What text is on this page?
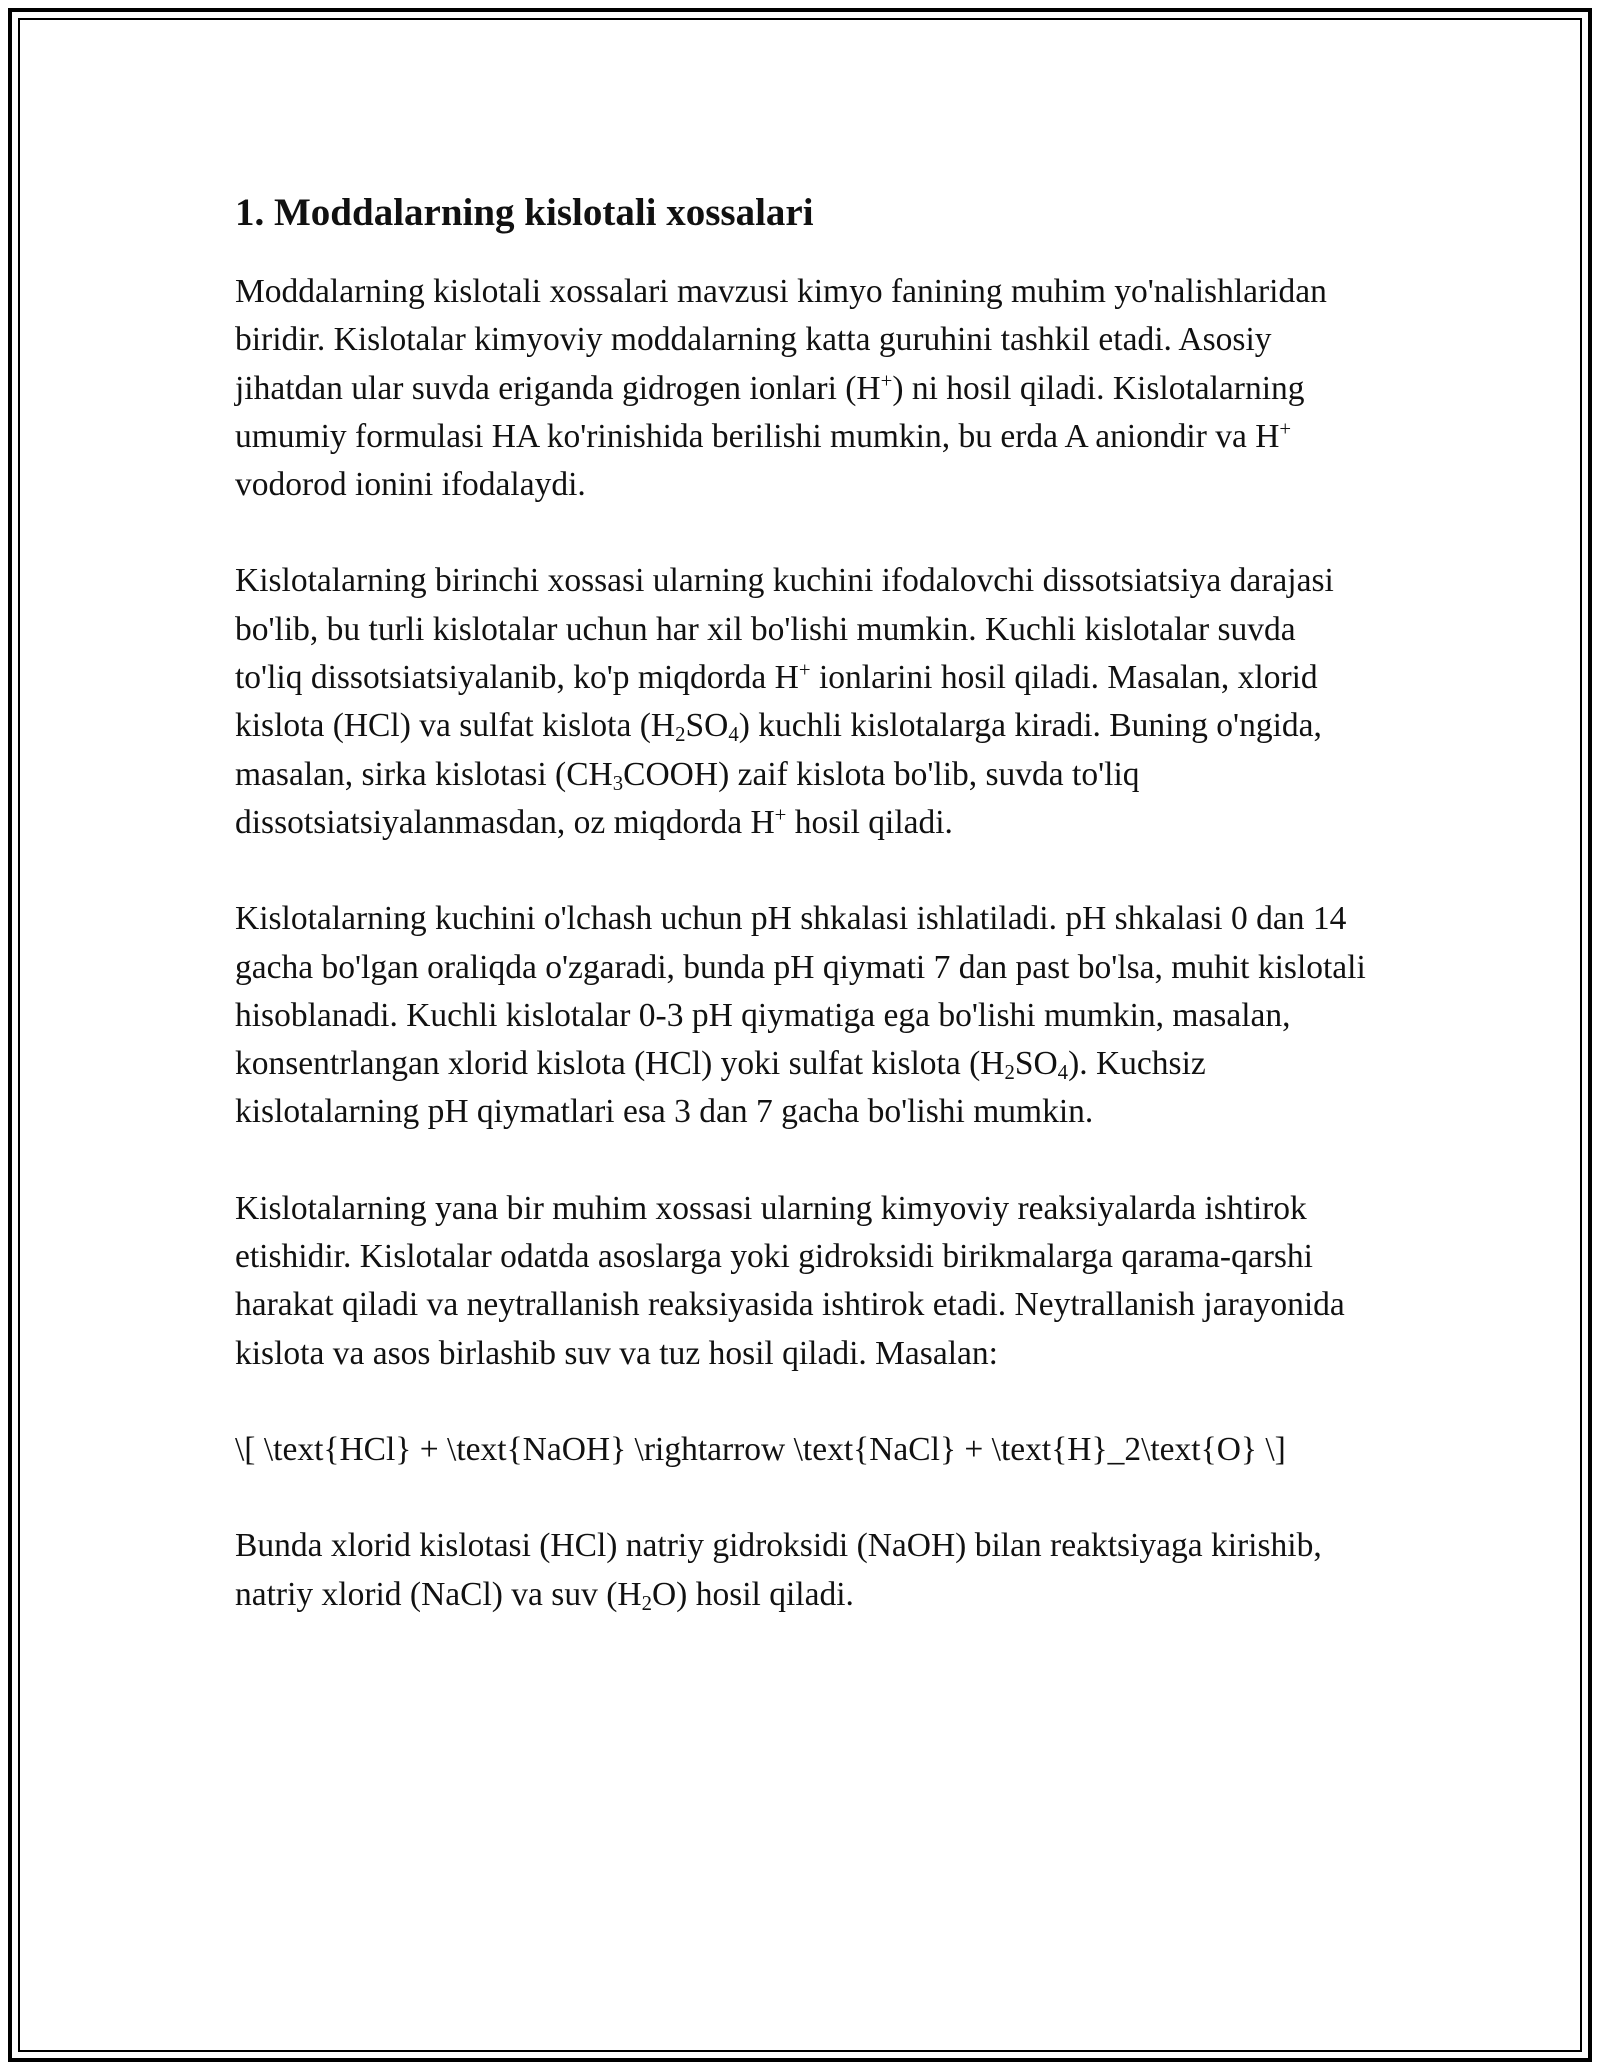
1. Moddalarning kislotali xossalari

Moddalarning kislotali xossalari mavzusi kimyo fanining muhim yo'nalishlaridan biridir. Kislotalar kimyoviy moddalarning katta guruhini tashkil etadi. Asosiy jihatdan ular suvda eriganda gidrogen ionlari (H+) ni hosil qiladi. Kislotalarning umumiy formulasi HA ko'rinishida berilishi mumkin, bu erda A aniondir va H+ vodorod ionini ifodalaydi.

Kislotalarning birinchi xossasi ularning kuchini ifodalovchi dissotsiatsiya darajasi bo'lib, bu turli kislotalar uchun har xil bo'lishi mumkin. Kuchli kislotalar suvda to'liq dissotsiatsiyalanib, ko'p miqdorda H+ ionlarini hosil qiladi. Masalan, xlorid kislota (HCl) va sulfat kislota $(H_2SO_4)$ kuchli kislotalarga kiradi. Buning o'ngida, masalan, sirka kislotasi $(CH_3COOH)$ zaif kislota bo'lib, suvda to'liq dissotsiatsiyalanmasdan, oz miqdorda H+ hosil qiladi.

Kislotalarning kuchini o'lchash uchun pH shkalasi ishlatiladi. pH shkalasi 0 dan 14 gacha bo'lgan oraliqda o'zgaradi, bunda pH qiymati 7 dan past bo'lsa, muhit kislotali hisoblanadi. Kuchli kislotalar 0-3 pH qiymatiga ega bo'lishi mumkin, masalan, konsentrlangan xlorid kislota (HCl) yoki sulfat kislota $(H_2SO_4)$. Kuchsiz kislotalarning pH qiymatlari esa 3 dan 7 gacha bo'lishi mumkin.

Kislotalarning yana bir muhim xossasi ularning kimyoviy reaksiyalarda ishtirok etishidir. Kislotalar odatda asoslarga yoki gidroksidi birikmalarga qarama-qarshi harakat qiladi va neytrallanish reaksiyasida ishtirok etadi. Neytrallanish jarayonida kislota va asos birlashib suv va tuz hosil qiladi. Masalan:

\[ \text{HCl} + \text{NaOH} \rightarrow \text{NaCl} + \text{H}_2\text{O} \]

Bunda xlorid kislotasi (HCl) natriy gidroksidi (NaOH) bilan reaktsiyaga kirishib, natriy xlorid (NaCl) va suv $(H_2O)$ hosil qiladi.
